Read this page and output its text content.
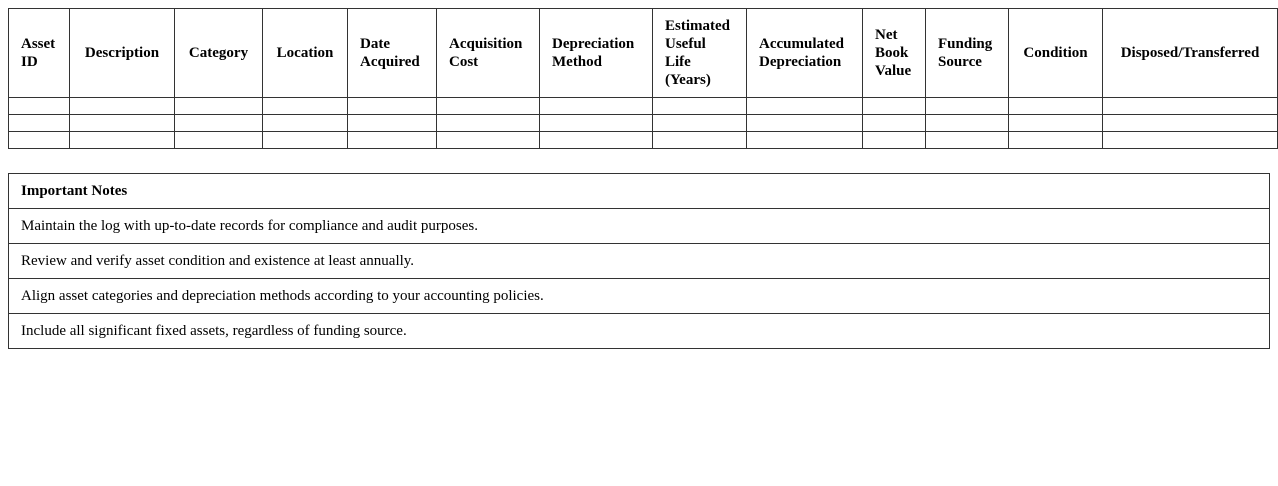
Asset ID	Description	Category	Location	Date Acquired	Acquisition Cost	Depreciation Method	Estimated Useful Life (Years)	Accumulated Depreciation	Net Book Value	Funding Source	Condition	Disposed/Transferred

Important Notes
Maintain the log with up-to-date records for compliance and audit purposes.
Review and verify asset condition and existence at least annually.
Align asset categories and depreciation methods according to your accounting policies.
Include all significant fixed assets, regardless of funding source.
